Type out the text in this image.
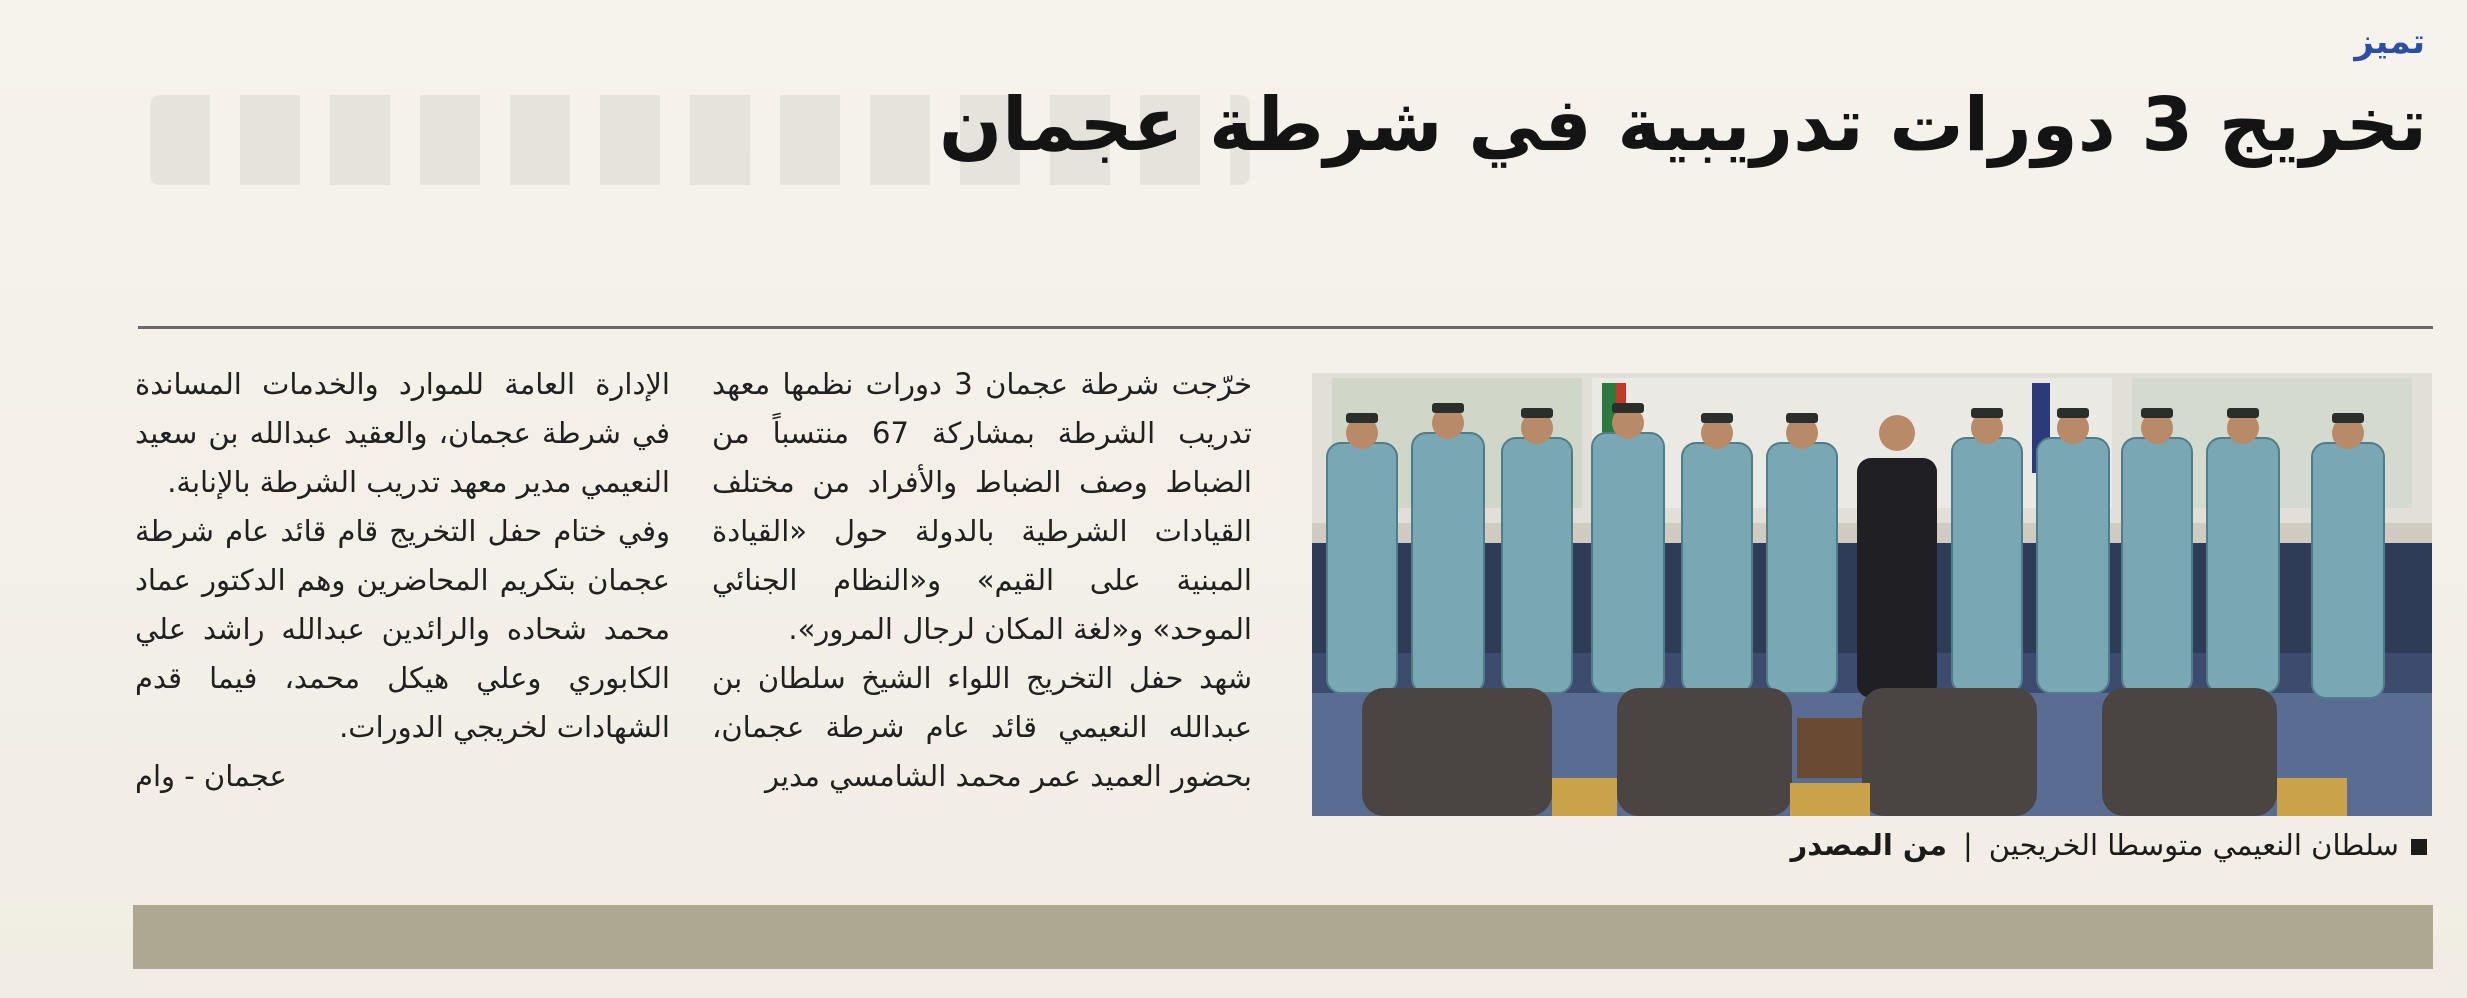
تميز
تخريج 3 دورات تدريبية في شرطة عجمان

خرّجت شرطة عجمان 3 دورات نظمها معهد تدريب الشرطة بمشاركة 67 منتسباً من الضباط وصف الضباط والأفراد من مختلف القيادات الشرطية بالدولة حول «القيادة المبنية على القيم» و«النظام الجنائي الموحد» و«لغة المكان لرجال المرور».

شهد حفل التخريج اللواء الشيخ سلطان بن عبدالله النعيمي قائد عام شرطة عجمان، بحضور العميد عمر محمد الشامسي مدير

الإدارة العامة للموارد والخدمات المساندة في شرطة عجمان، والعقيد عبدالله بن سعيد النعيمي مدير معهد تدريب الشرطة بالإنابة.

وفي ختام حفل التخريج قام قائد عام شرطة عجمان بتكريم المحاضرين وهم الدكتور عماد محمد شحاده والرائدين عبدالله راشد علي الكابوري وعلي هيكل محمد، فيما قدم الشهادات لخريجي الدورات.

عجمان - وام

سلطان النعيمي متوسطا الخريجين|من المصدر
